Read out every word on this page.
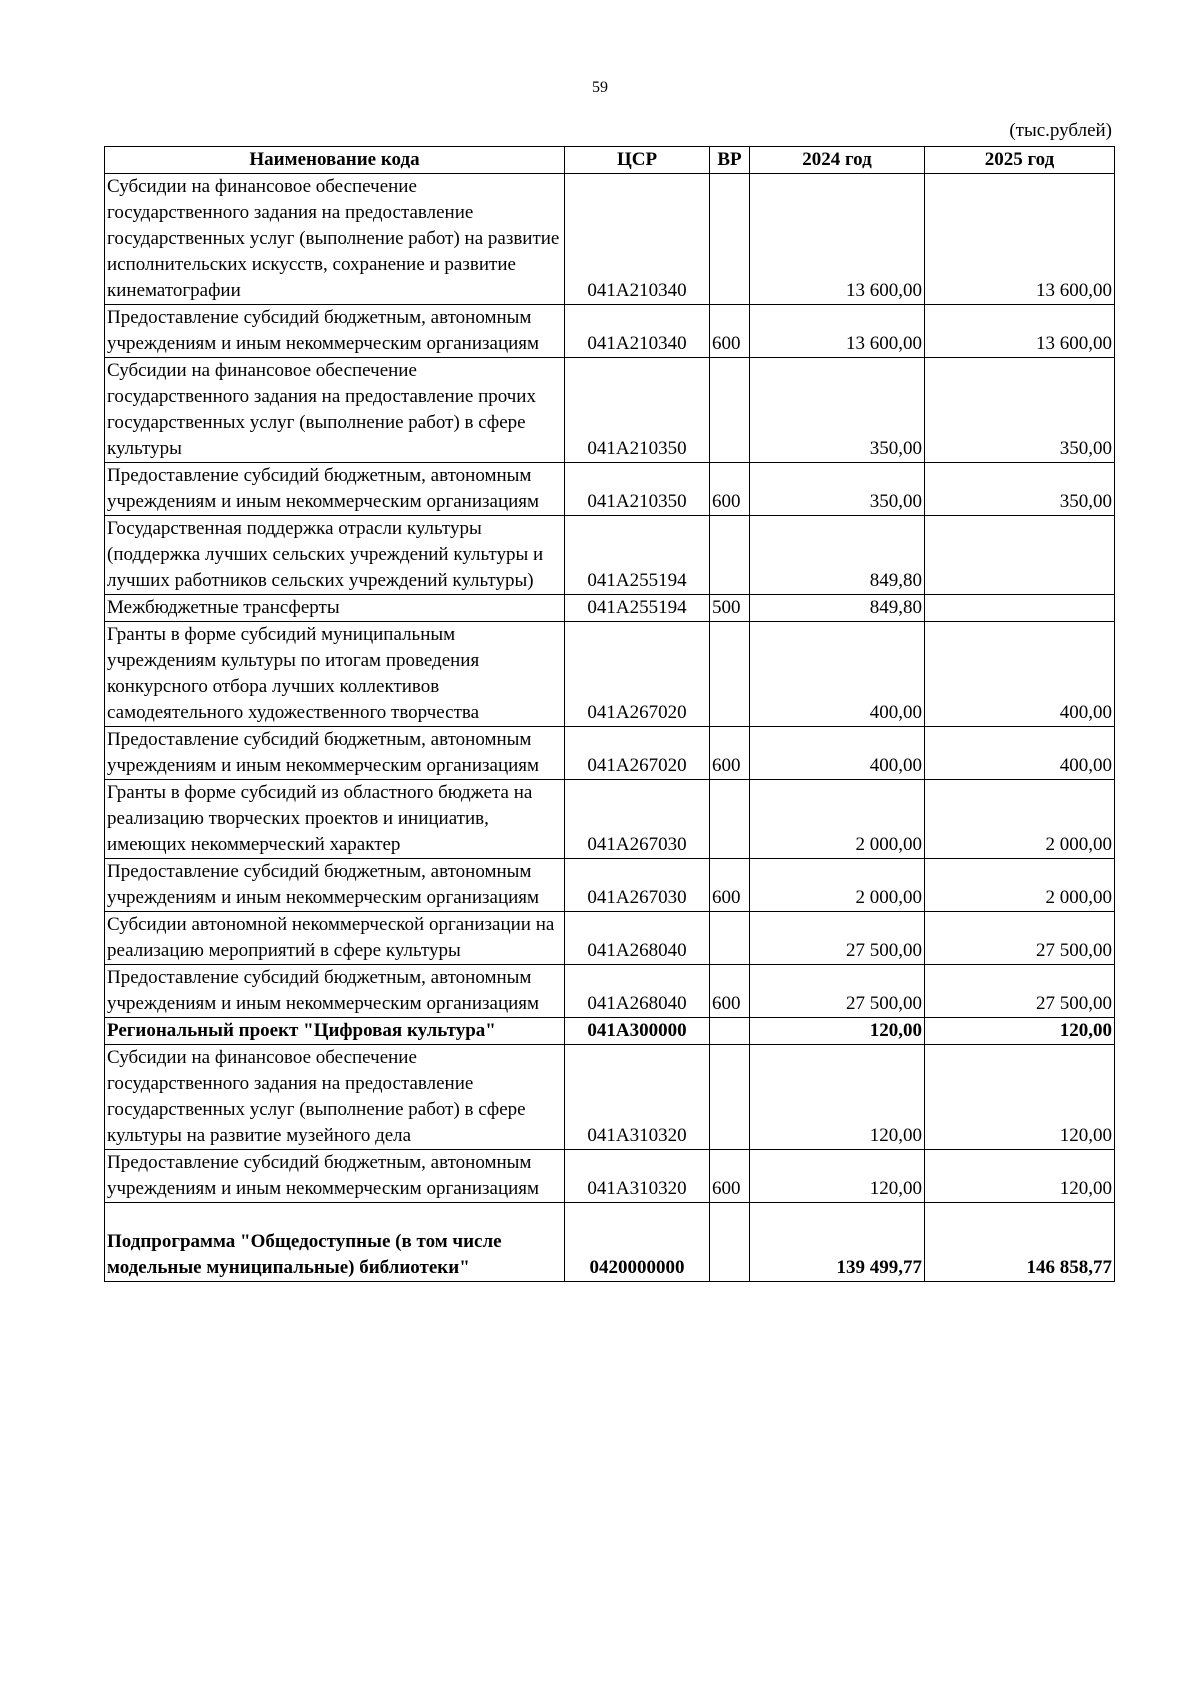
59
(тыс.рублей)
Наименование кода	ЦСР	ВР	2024 год	2025 год
Субсидии на финансовое обеспечение государственного задания на предоставление государственных услуг (выполнение работ) на развитие исполнительских искусств, сохранение и развитие кинематографии	041A210340		13 600,00	13 600,00
Предоставление субсидий бюджетным, автономным учреждениям и иным некоммерческим организациям	041A210340	600	13 600,00	13 600,00
Субсидии на финансовое обеспечение государственного задания на предоставление прочих государственных услуг (выполнение работ) в сфере культуры	041A210350		350,00	350,00
Предоставление субсидий бюджетным, автономным учреждениям и иным некоммерческим организациям	041A210350	600	350,00	350,00
Государственная поддержка отрасли культуры (поддержка лучших сельских учреждений культуры и лучших работников сельских учреждений культуры)	041A255194		849,80	
Межбюджетные трансферты	041A255194	500	849,80	
Гранты в форме субсидий муниципальным учреждениям культуры по итогам проведения конкурсного отбора лучших коллективов самодеятельного художественного творчества	041A267020		400,00	400,00
Предоставление субсидий бюджетным, автономным учреждениям и иным некоммерческим организациям	041A267020	600	400,00	400,00
Гранты в форме субсидий из областного бюджета на реализацию творческих проектов и инициатив, имеющих некоммерческий характер	041A267030		2 000,00	2 000,00
Предоставление субсидий бюджетным, автономным учреждениям и иным некоммерческим организациям	041A267030	600	2 000,00	2 000,00
Субсидии автономной некоммерческой организации на реализацию мероприятий в сфере культуры	041A268040		27 500,00	27 500,00
Предоставление субсидий бюджетным, автономным учреждениям и иным некоммерческим организациям	041A268040	600	27 500,00	27 500,00
Региональный проект "Цифровая культура"	041A300000		120,00	120,00
Субсидии на финансовое обеспечение государственного задания на предоставление государственных услуг (выполнение работ) в сфере культуры на развитие музейного дела	041A310320		120,00	120,00
Предоставление субсидий бюджетным, автономным учреждениям и иным некоммерческим организациям	041A310320	600	120,00	120,00
Подпрограмма "Общедоступные (в том числе модельные муниципальные) библиотеки"	0420000000		139 499,77	146 858,77
